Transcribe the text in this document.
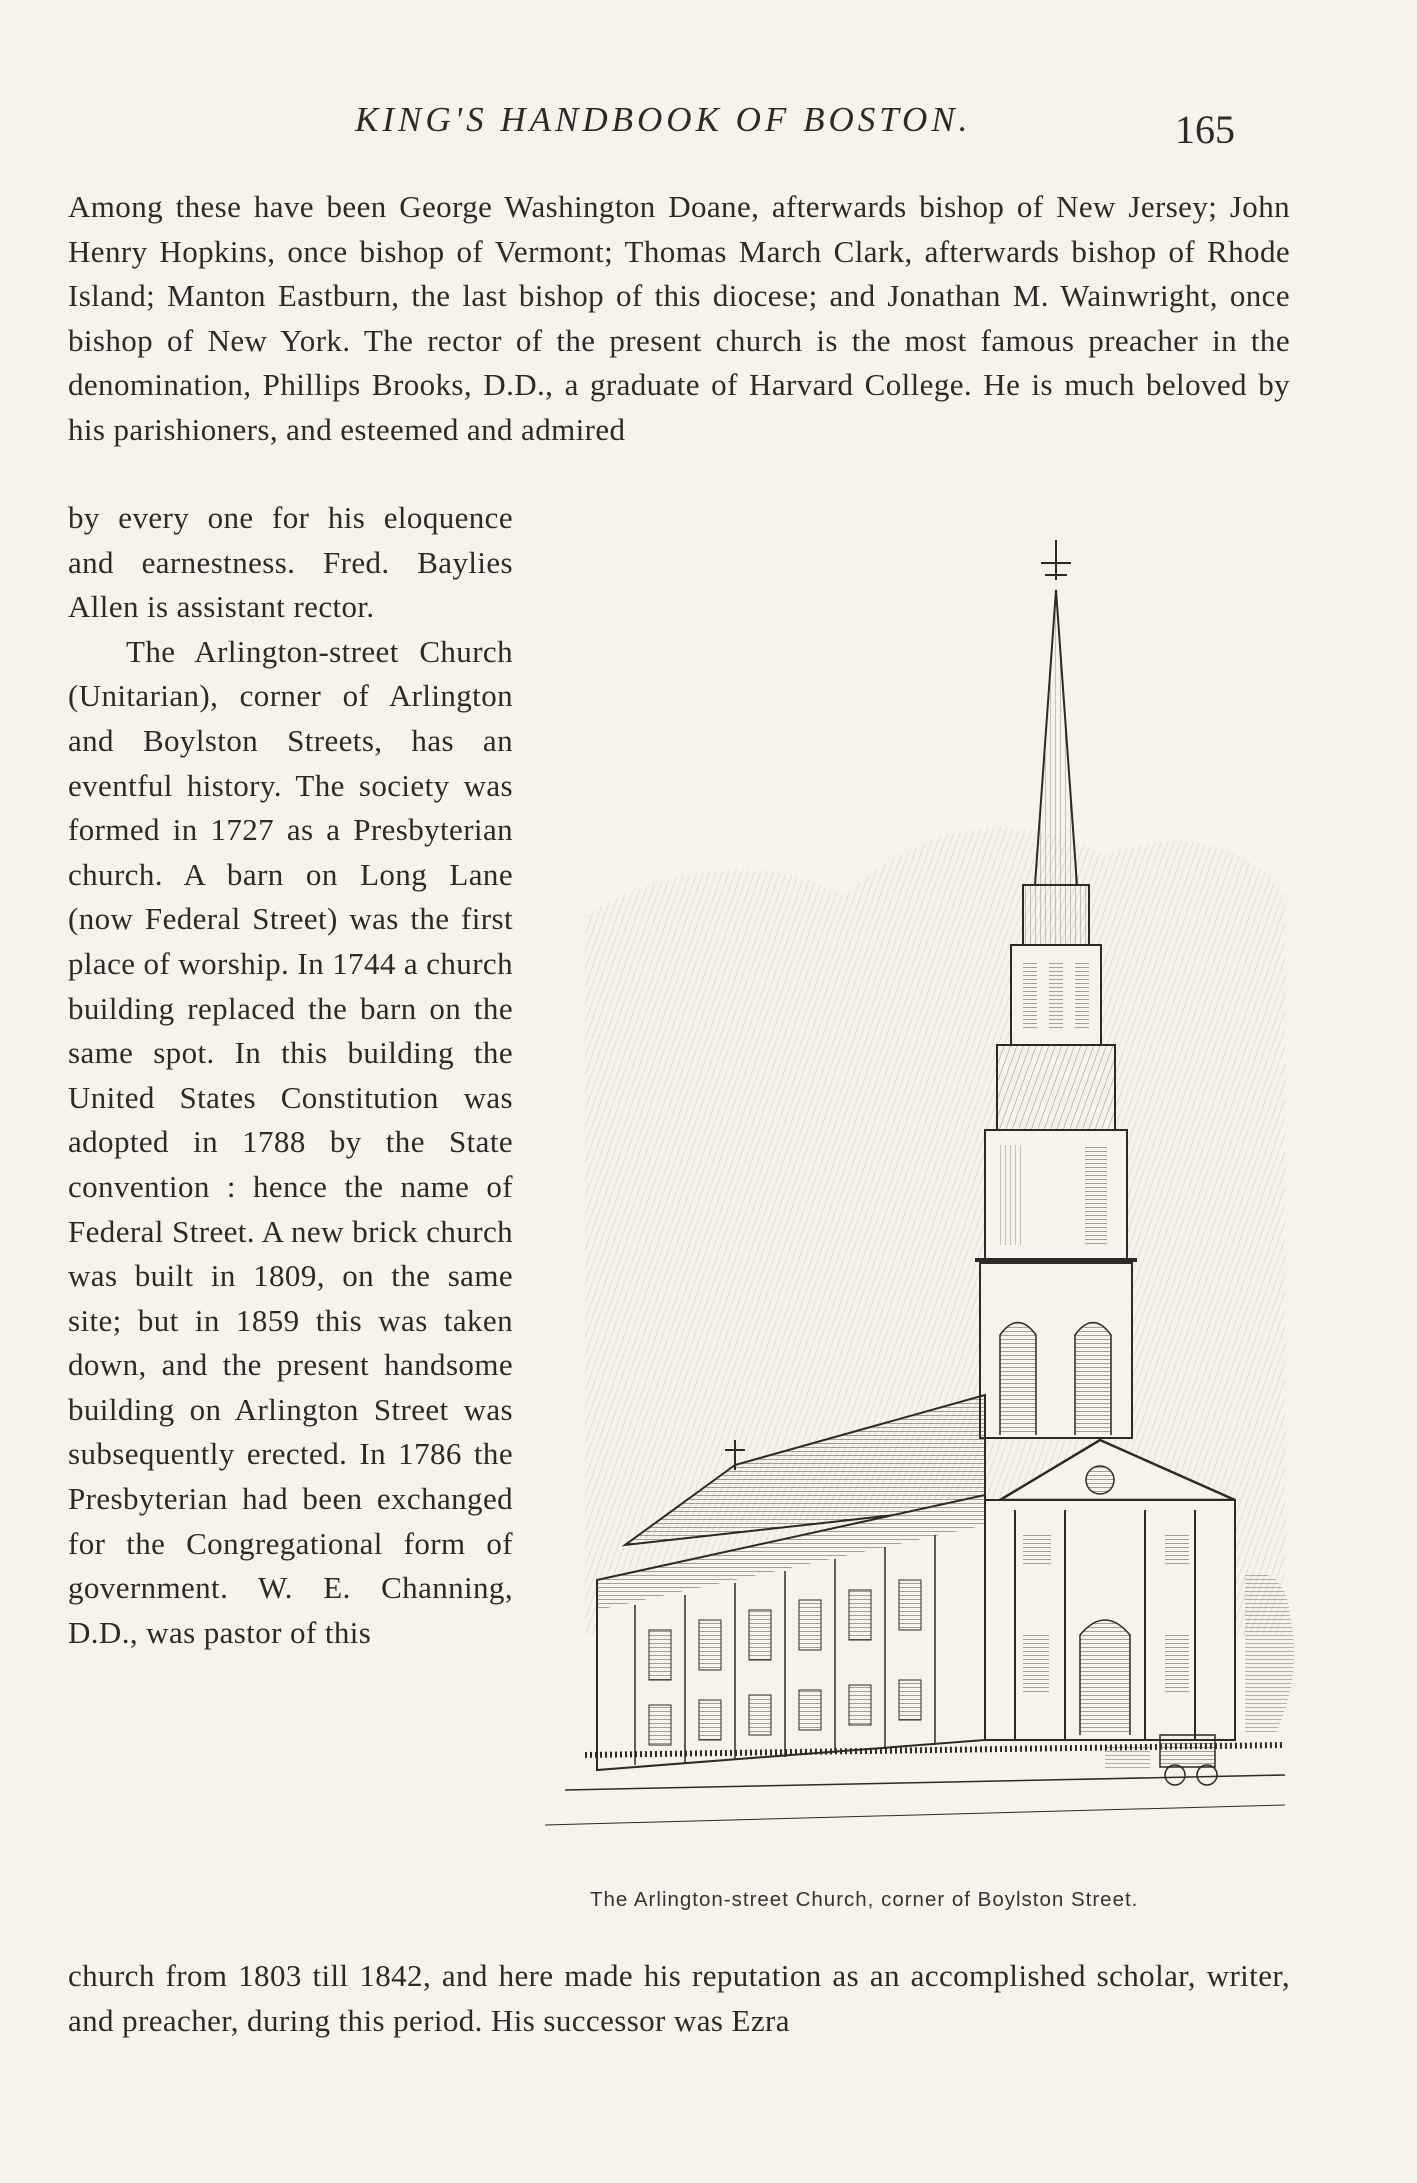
KING'S HANDBOOK OF BOSTON.	165

Among these have been George Washington Doane, afterwards bishop of New Jersey; John Henry Hopkins, once bishop of Vermont; Thomas March Clark, afterwards bishop of Rhode Island; Manton Eastburn, the last bishop of this diocese; and Jonathan M. Wainwright, once bishop of New York. The rector of the present church is the most famous preacher in the denomination, Phillips Brooks, D.D., a graduate of Harvard College. He is much beloved by his parishioners, and esteemed and admired

by every one for his eloquence and earnestness. Fred. Baylies Allen is assistant rector.

The Arlington-street Church (Unitarian), corner of Arlington and Boylston Streets, has an eventful history. The society was formed in 1727 as a Presbyterian church. A barn on Long Lane (now Federal Street) was the first place of worship. In 1744 a church building replaced the barn on the same spot. In this building the United States Constitution was adopted in 1788 by the State convention : hence the name of Federal Street. A new brick church was built in 1809, on the same site; but in 1859 this was taken down, and the present handsome building on Arlington Street was subsequently erected. In 1786 the Presbyterian had been exchanged for the Congregational form of government. W. E. Channing, D.D., was pastor of this

The Arlington-street Church, corner of Boylston Street.

church from 1803 till 1842, and here made his reputation as an accomplished scholar, writer, and preacher, during this period. His successor was Ezra
